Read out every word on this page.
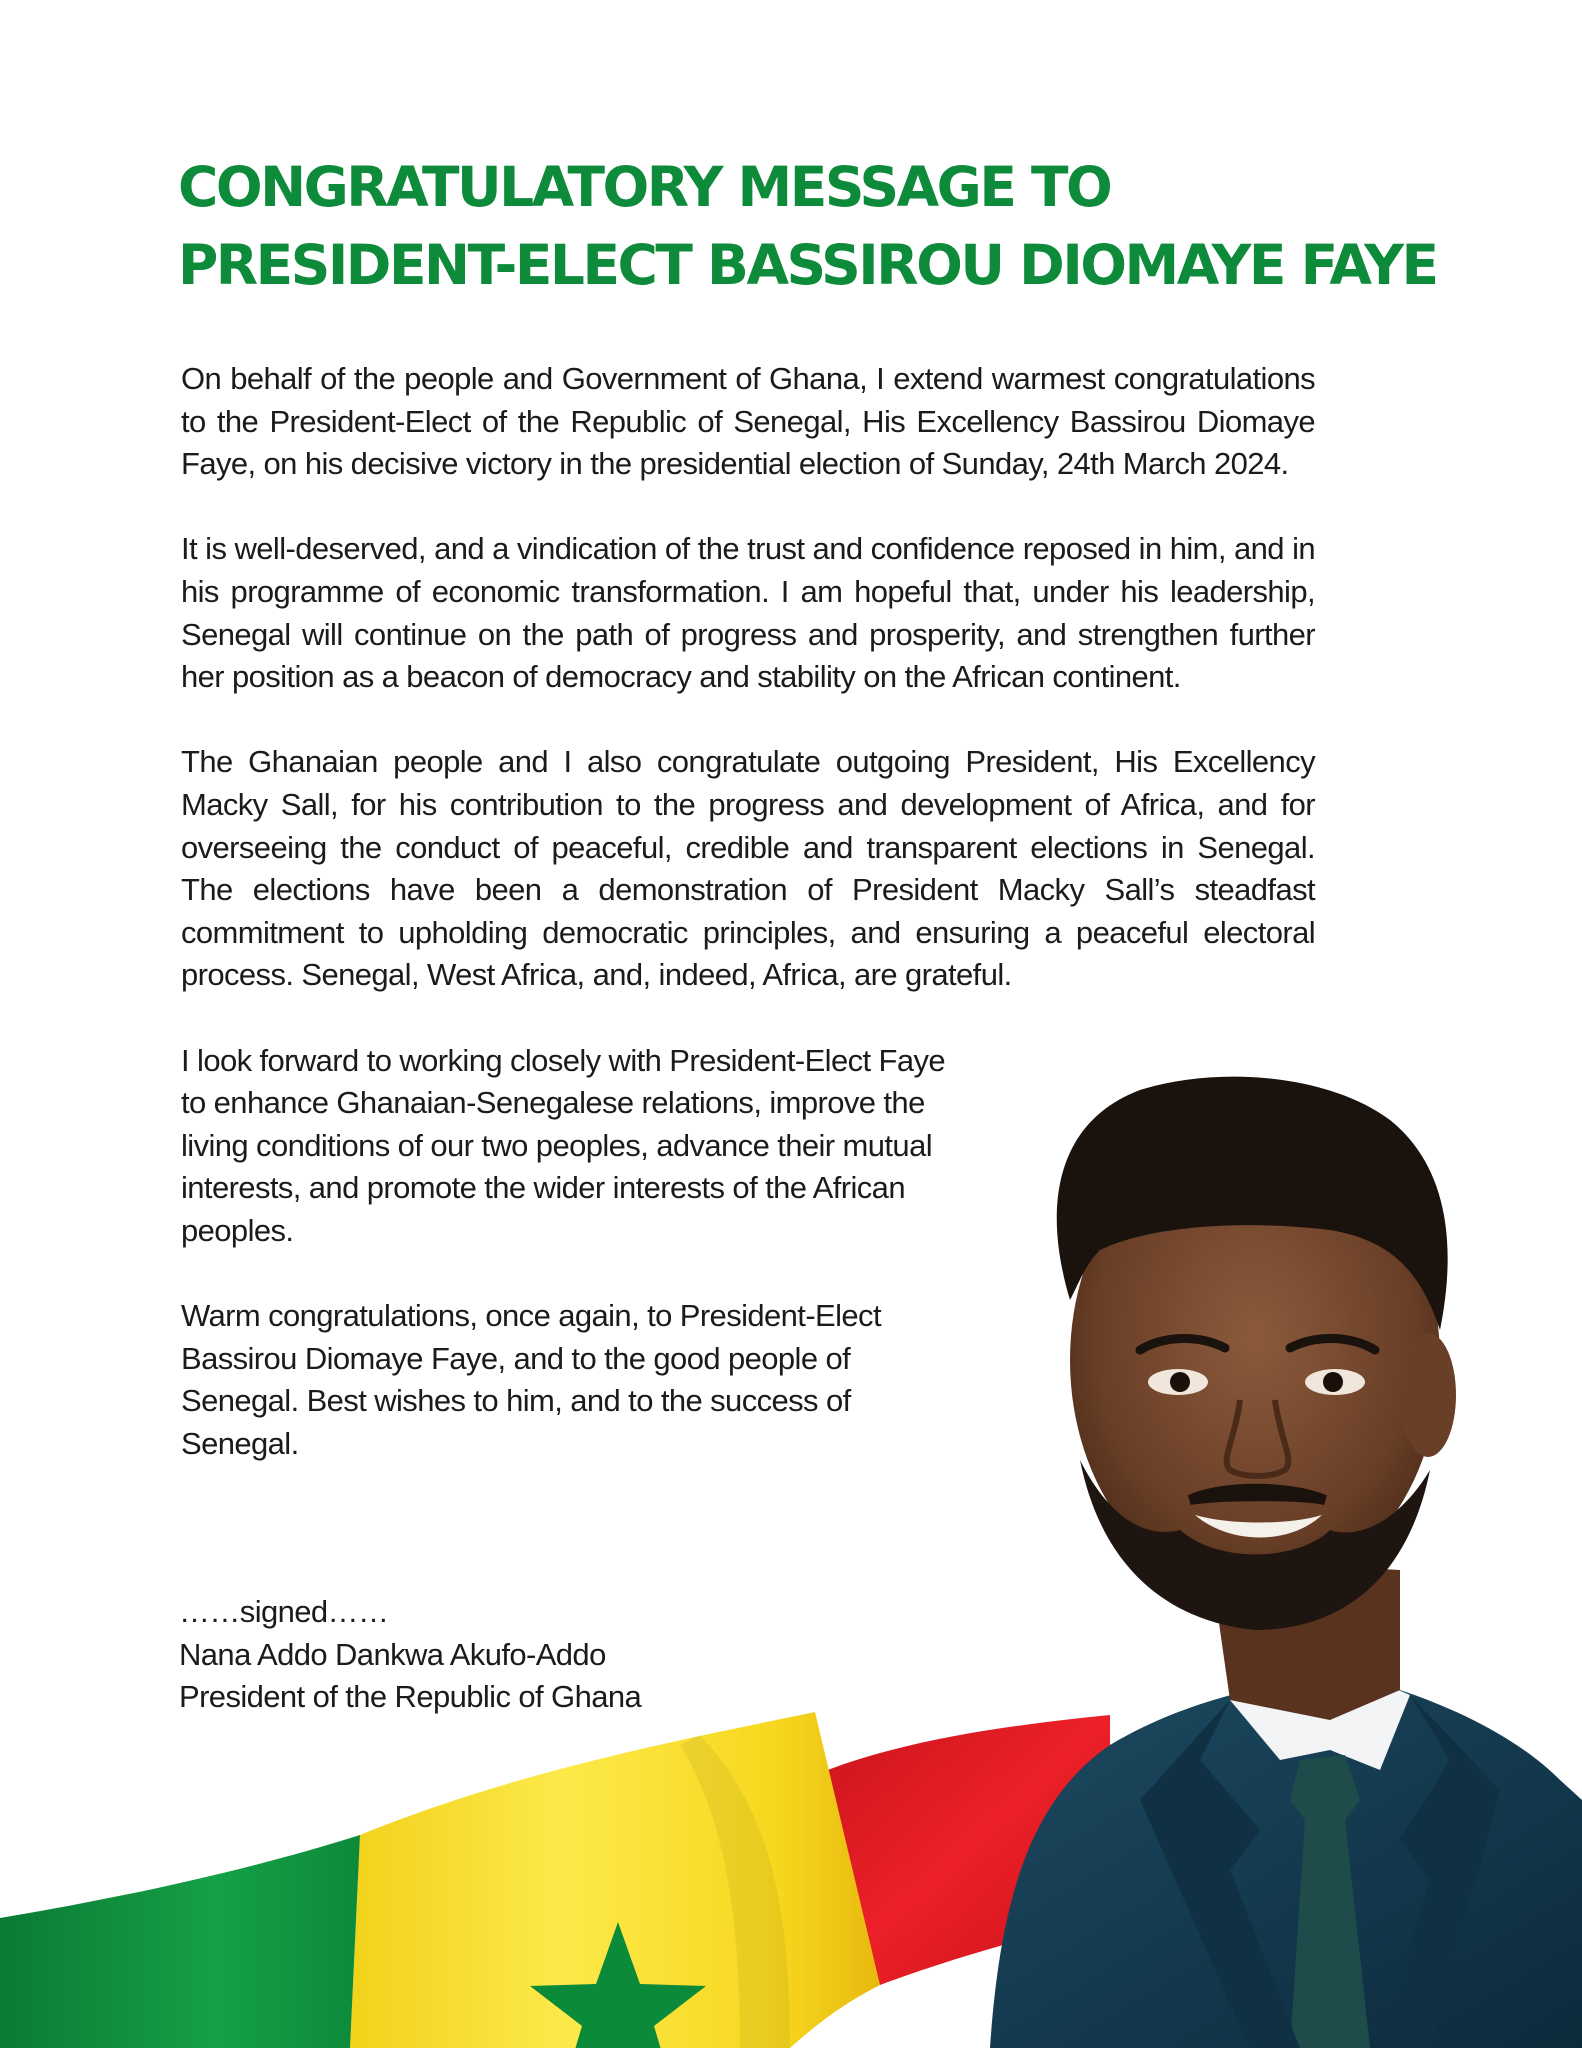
CONGRATULATORY MESSAGE TO
PRESIDENT-ELECT BASSIROU DIOMAYE FAYE

On behalf of the people and Government of Ghana, I extend warmest congratulations to the President-Elect of the Republic of Senegal, His Excellency Bassirou Diomaye Faye, on his decisive victory in the presidential election of Sunday, 24th March 2024.

It is well-deserved, and a vindication of the trust and confidence reposed in him, and in his programme of economic transformation. I am hopeful that, under his leadership, Senegal will continue on the path of progress and prosperity, and strengthen further her position as a beacon of democracy and stability on the African continent.

The Ghanaian people and I also congratulate outgoing President, His Excellency Macky Sall, for his contribution to the progress and development of Africa, and for overseeing the conduct of peaceful, credible and transparent elections in Senegal. The elections have been a demonstration of President Macky Sall’s steadfast commitment to upholding democratic principles, and ensuring a peaceful electoral process. Senegal, West Africa, and, indeed, Africa, are grateful.

I look forward to working closely with President-Elect Faye to enhance Ghanaian-Senegalese relations, improve the living conditions of our two peoples, advance their mutual interests, and promote the wider interests of the African peoples.

Warm congratulations, once again, to President-Elect Bassirou Diomaye Faye, and to the good people of Senegal. Best wishes to him, and to the success of Senegal.

……signed……
Nana Addo Dankwa Akufo-Addo
President of the Republic of Ghana
